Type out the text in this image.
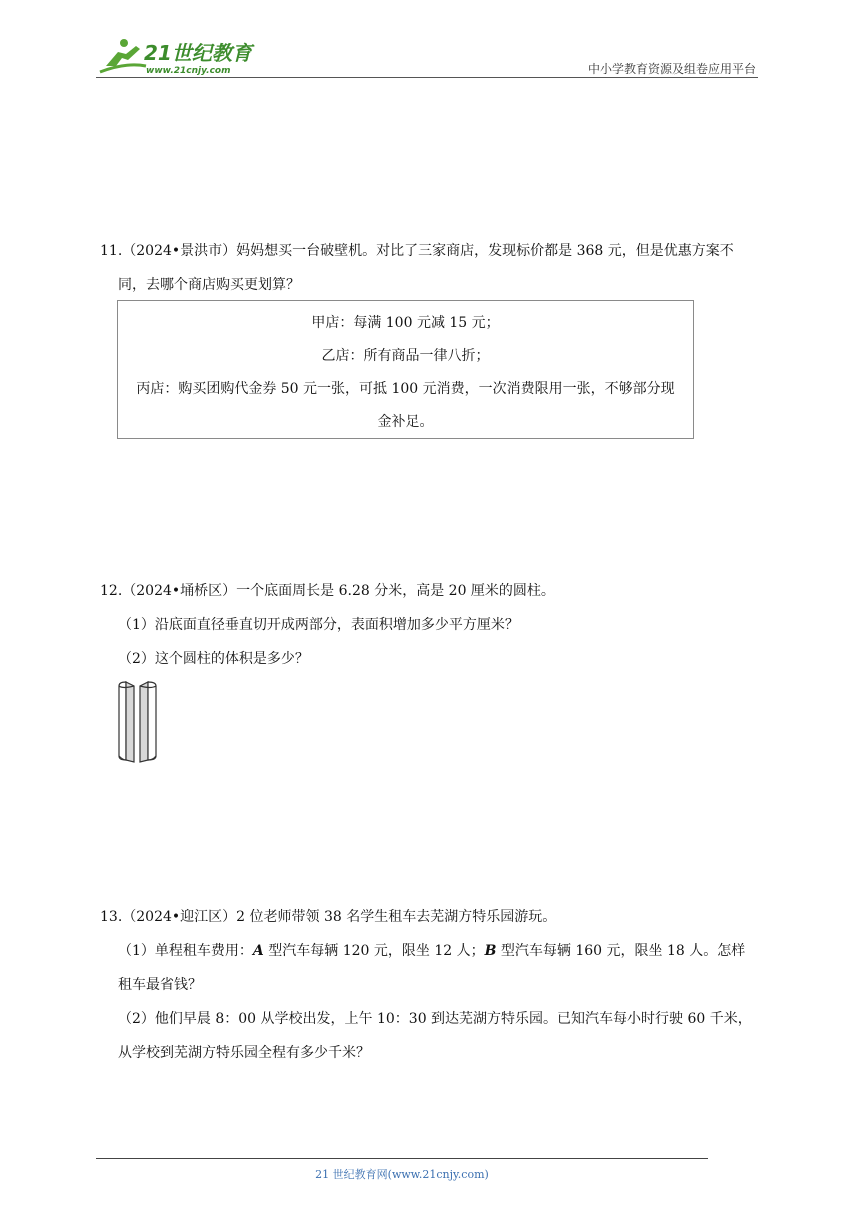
21世纪教育
www.21cnjy.com	中小学教育资源及组卷应用平台
11.（2024•景洪市）妈妈想买一台破壁机。对比了三家商店，发现标价都是 368 元，但是优惠方案不
同，去哪个商店购买更划算？
甲店：每满 100 元减 15 元；
乙店：所有商品一律八折；
丙店：购买团购代金券 50 元一张，可抵 100 元消费，一次消费限用一张，不够部分现
金补足。
12.（2024•埇桥区）一个底面周长是 6.28 分米，高是 20 厘米的圆柱。
（1）沿底面直径垂直切开成两部分，表面积增加多少平方厘米？
（2）这个圆柱的体积是多少？
13.（2024•迎江区）2 位老师带领 38 名学生租车去芜湖方特乐园游玩。
（1）单程租车费用：A 型汽车每辆 120 元，限坐 12 人；B 型汽车每辆 160 元，限坐 18 人。怎样
租车最省钱？
（2）他们早晨 8：00 从学校出发，上午 10：30 到达芜湖方特乐园。已知汽车每小时行驶 60 千米，
从学校到芜湖方特乐园全程有多少千米？
21 世纪教育网(www.21cnjy.com)
